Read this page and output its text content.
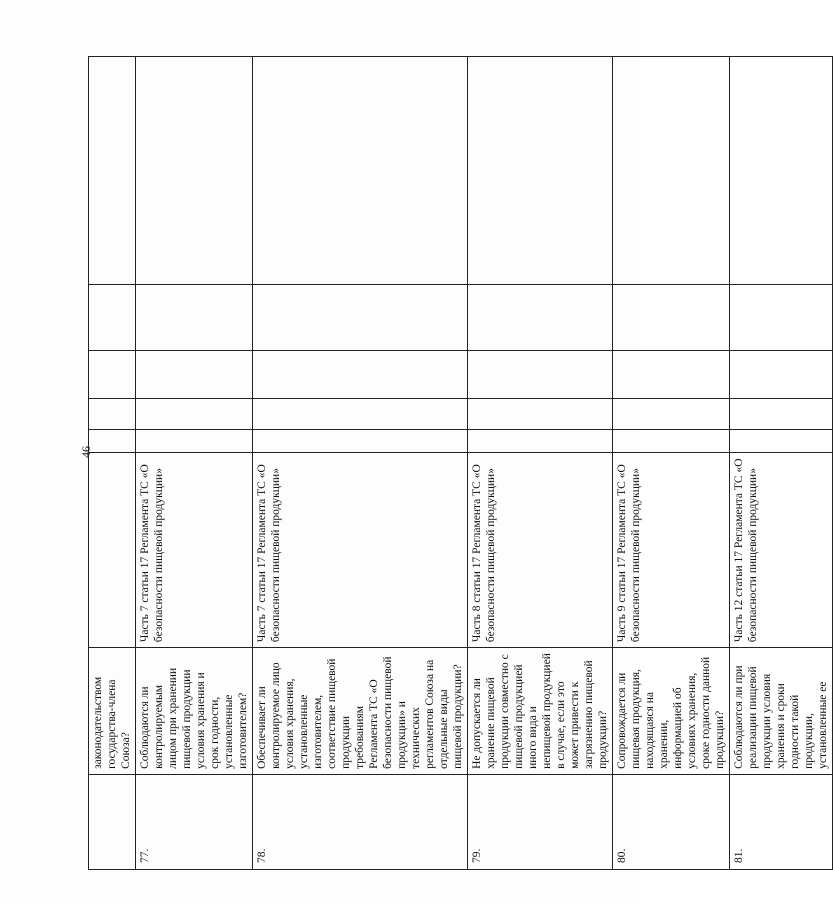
46
	законодательством государства-члена Союза?						
77.	Соблюдаются ли контролируемым лицом при хранении пищевой продукции условия хранения и срок годности, установленные изготовителем?	Часть 7 статьи 17 Регламента ТС «О безопасности пищевой продукции»					
78.	Обеспечивает ли контролируемое лицо условия хранения, установленные изготовителем, соответствие пищевой продукции требованиям Регламента ТС «О безопасности пищевой продукции» и технических регламентов Союза на отдельные виды пищевой продукции?	Часть 7 статьи 17 Регламента ТС «О безопасности пищевой продукции»					
79.	Не допускается ли хранение пищевой продукции совместно с пищевой продукцией иного вида и непищевой продукцией в случае, если это может привести к загрязнению пищевой продукции?	Часть 8 статьи 17 Регламента ТС «О безопасности пищевой продукции»					
80.	Сопровождается ли пищевая продукция, находящаяся на хранении, информацией об условиях хранения, сроке годности данной продукции?	Часть 9 статьи 17 Регламента ТС «О безопасности пищевой продукции»					
81.	Соблюдаются ли при реализации пищевой продукции условия хранения и сроки годности такой продукции, установленные ее	Часть 12 статьи 17 Регламента ТС «О безопасности пищевой продукции»					
